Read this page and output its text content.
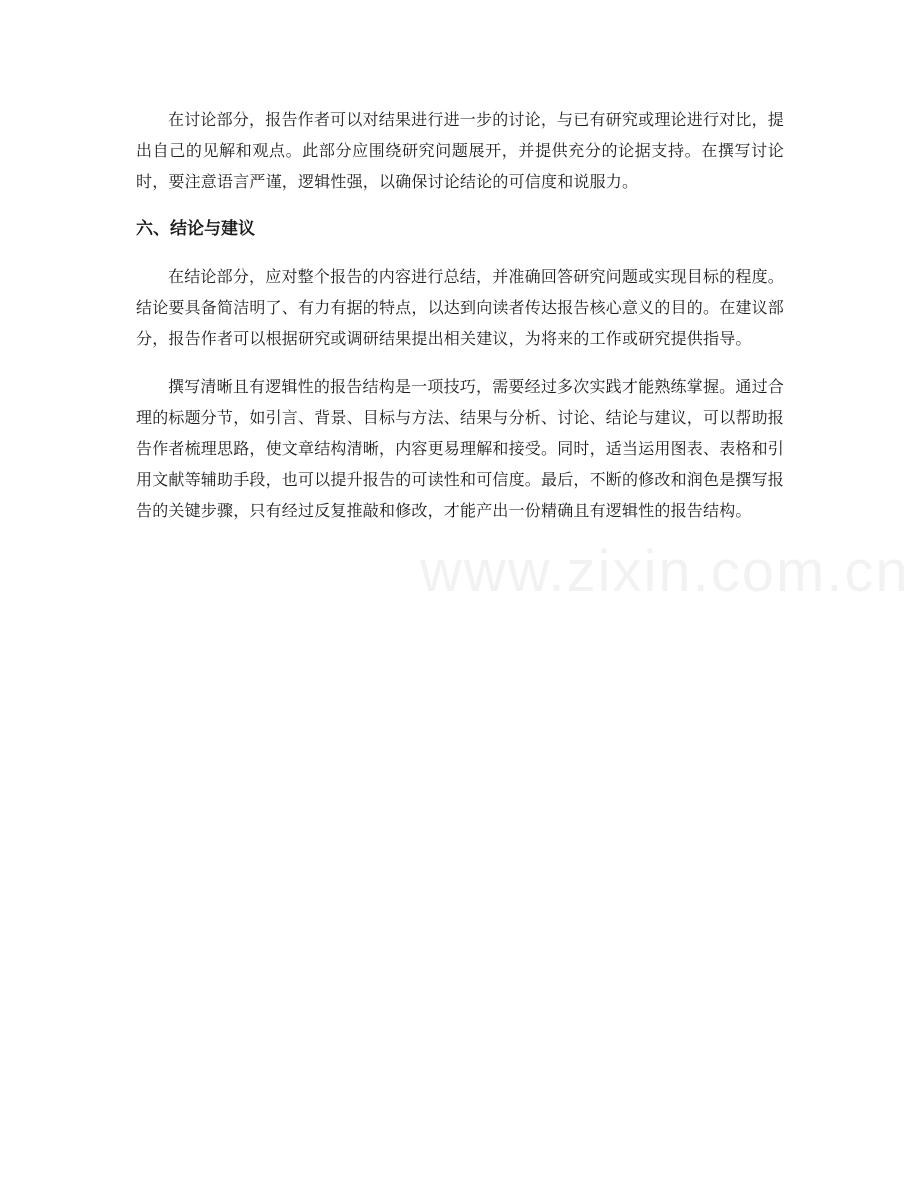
在讨论部分，报告作者可以对结果进行进一步的讨论，与已有研究或理论进行对比，提出自己的见解和观点。此部分应围绕研究问题展开，并提供充分的论据支持。在撰写讨论时，要注意语言严谨，逻辑性强，以确保讨论结论的可信度和说服力。

六、结论与建议

在结论部分，应对整个报告的内容进行总结，并准确回答研究问题或实现目标的程度。结论要具备简洁明了、有力有据的特点，以达到向读者传达报告核心意义的目的。在建议部分，报告作者可以根据研究或调研结果提出相关建议，为将来的工作或研究提供指导。

撰写清晰且有逻辑性的报告结构是一项技巧，需要经过多次实践才能熟练掌握。通过合理的标题分节，如引言、背景、目标与方法、结果与分析、讨论、结论与建议，可以帮助报告作者梳理思路，使文章结构清晰，内容更易理解和接受。同时，适当运用图表、表格和引用文献等辅助手段，也可以提升报告的可读性和可信度。最后，不断的修改和润色是撰写报告的关键步骤，只有经过反复推敲和修改，才能产出一份精确且有逻辑性的报告结构。

www.zixin.com.cn
